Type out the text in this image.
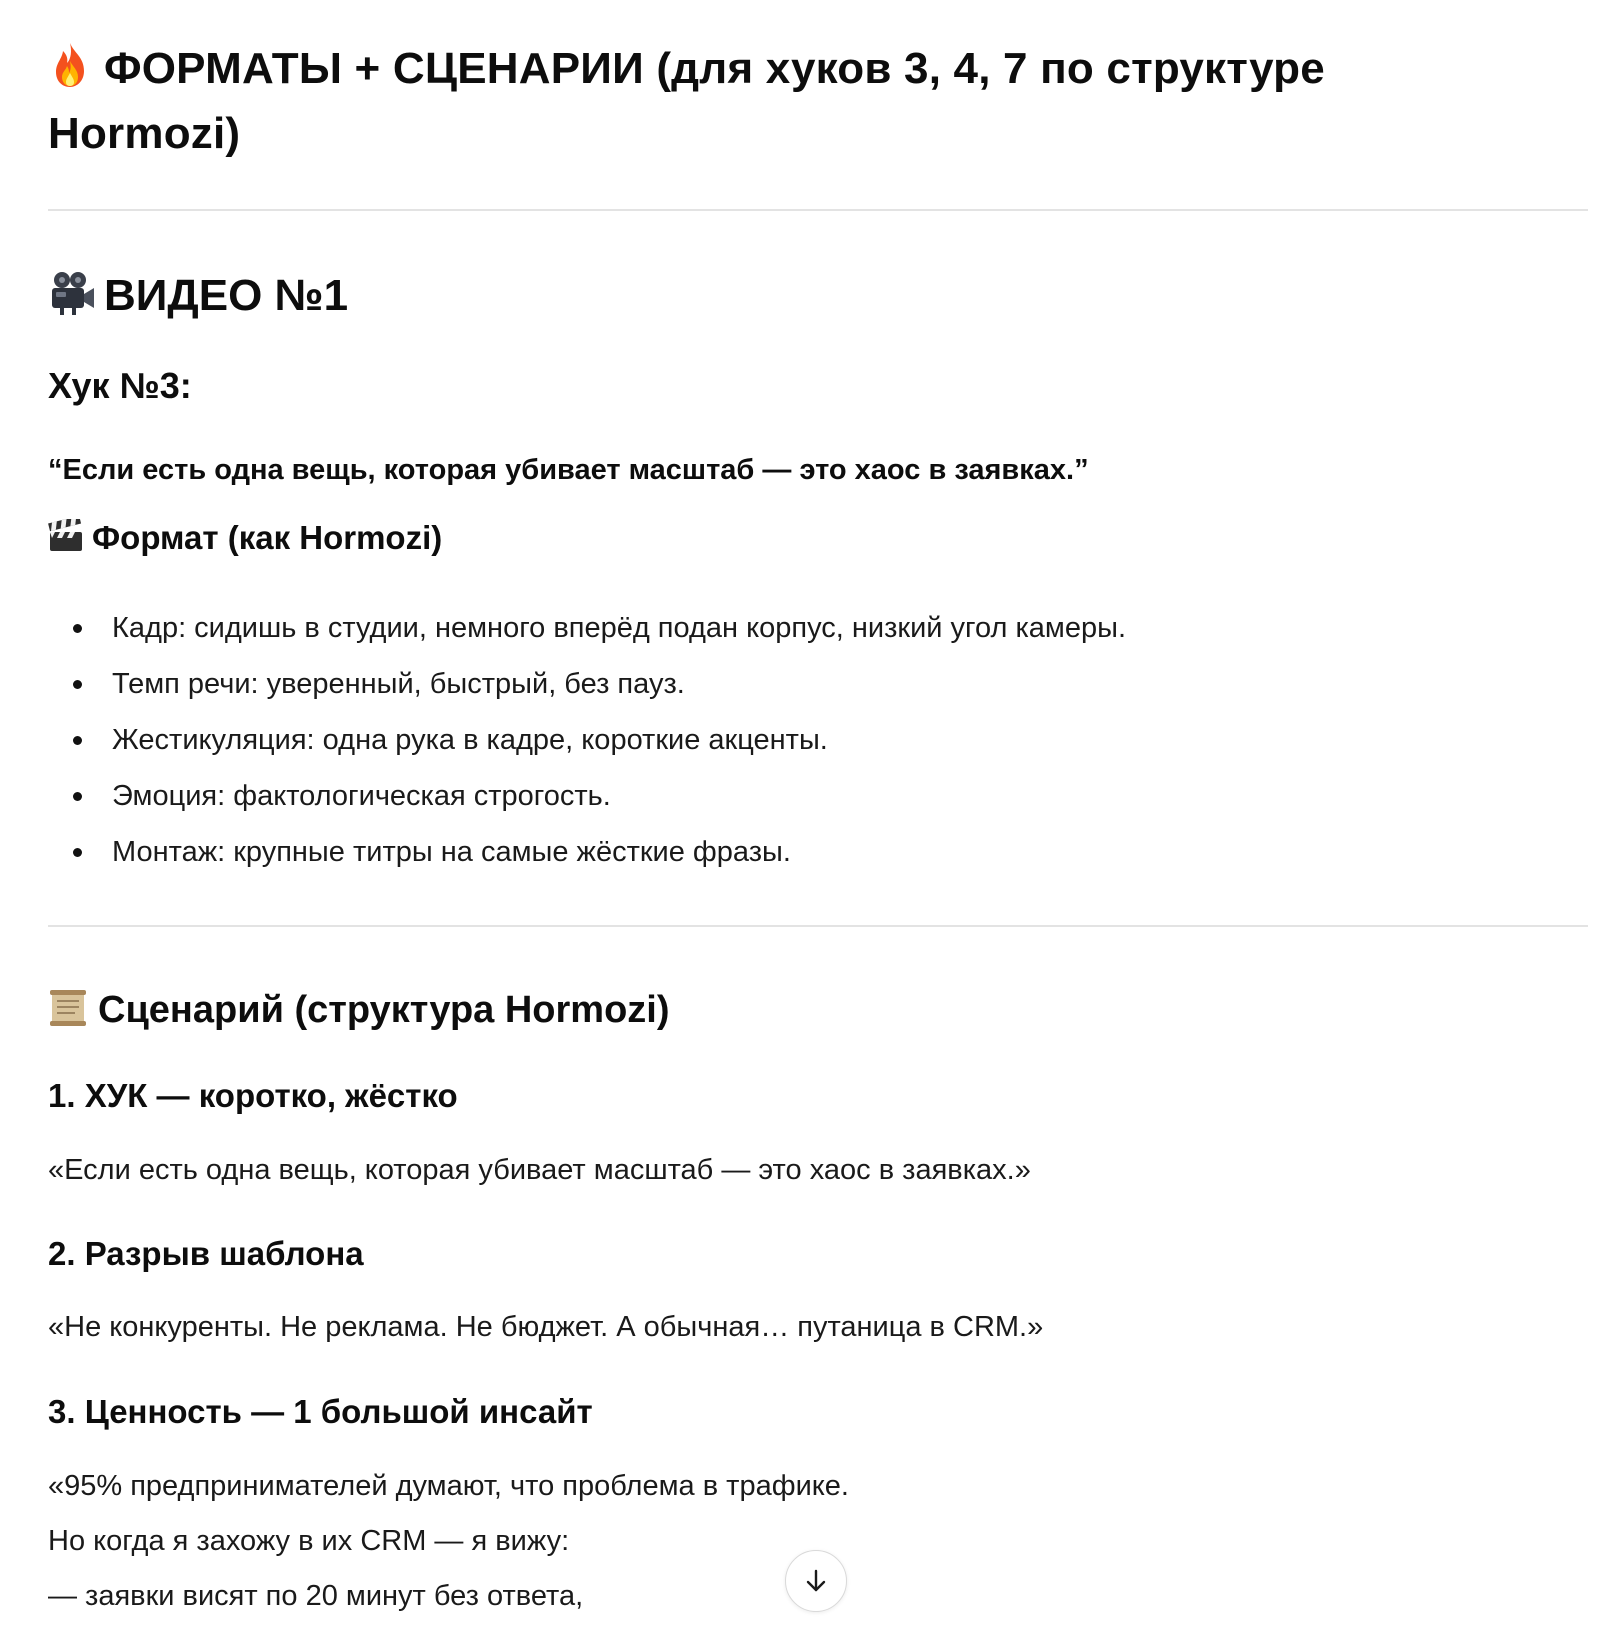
ФОРМАТЫ + СЦЕНАРИИ (для хуков 3, 4, 7 по структуре Hormozi)
ВИДЕО №1
Хук №3:
“Если есть одна вещь, которая убивает масштаб — это хаос в заявках.”
Формат (как Hormozi)
Кадр: сидишь в студии, немного вперёд подан корпус, низкий угол камеры.
Темп речи: уверенный, быстрый, без пауз.
Жестикуляция: одна рука в кадре, короткие акценты.
Эмоция: фактологическая строгость.
Монтаж: крупные титры на самые жёсткие фразы.
Сценарий (структура Hormozi)
1. ХУК — коротко, жёстко
«Если есть одна вещь, которая убивает масштаб — это хаос в заявках.»
2. Разрыв шаблона
«Не конкуренты. Не реклама. Не бюджет. А обычная… путаница в CRM.»
3. Ценность — 1 большой инсайт
«95% предпринимателей думают, что проблема в трафике.
Но когда я захожу в их CRM — я вижу:
— заявки висят по 20 минут без ответа,
